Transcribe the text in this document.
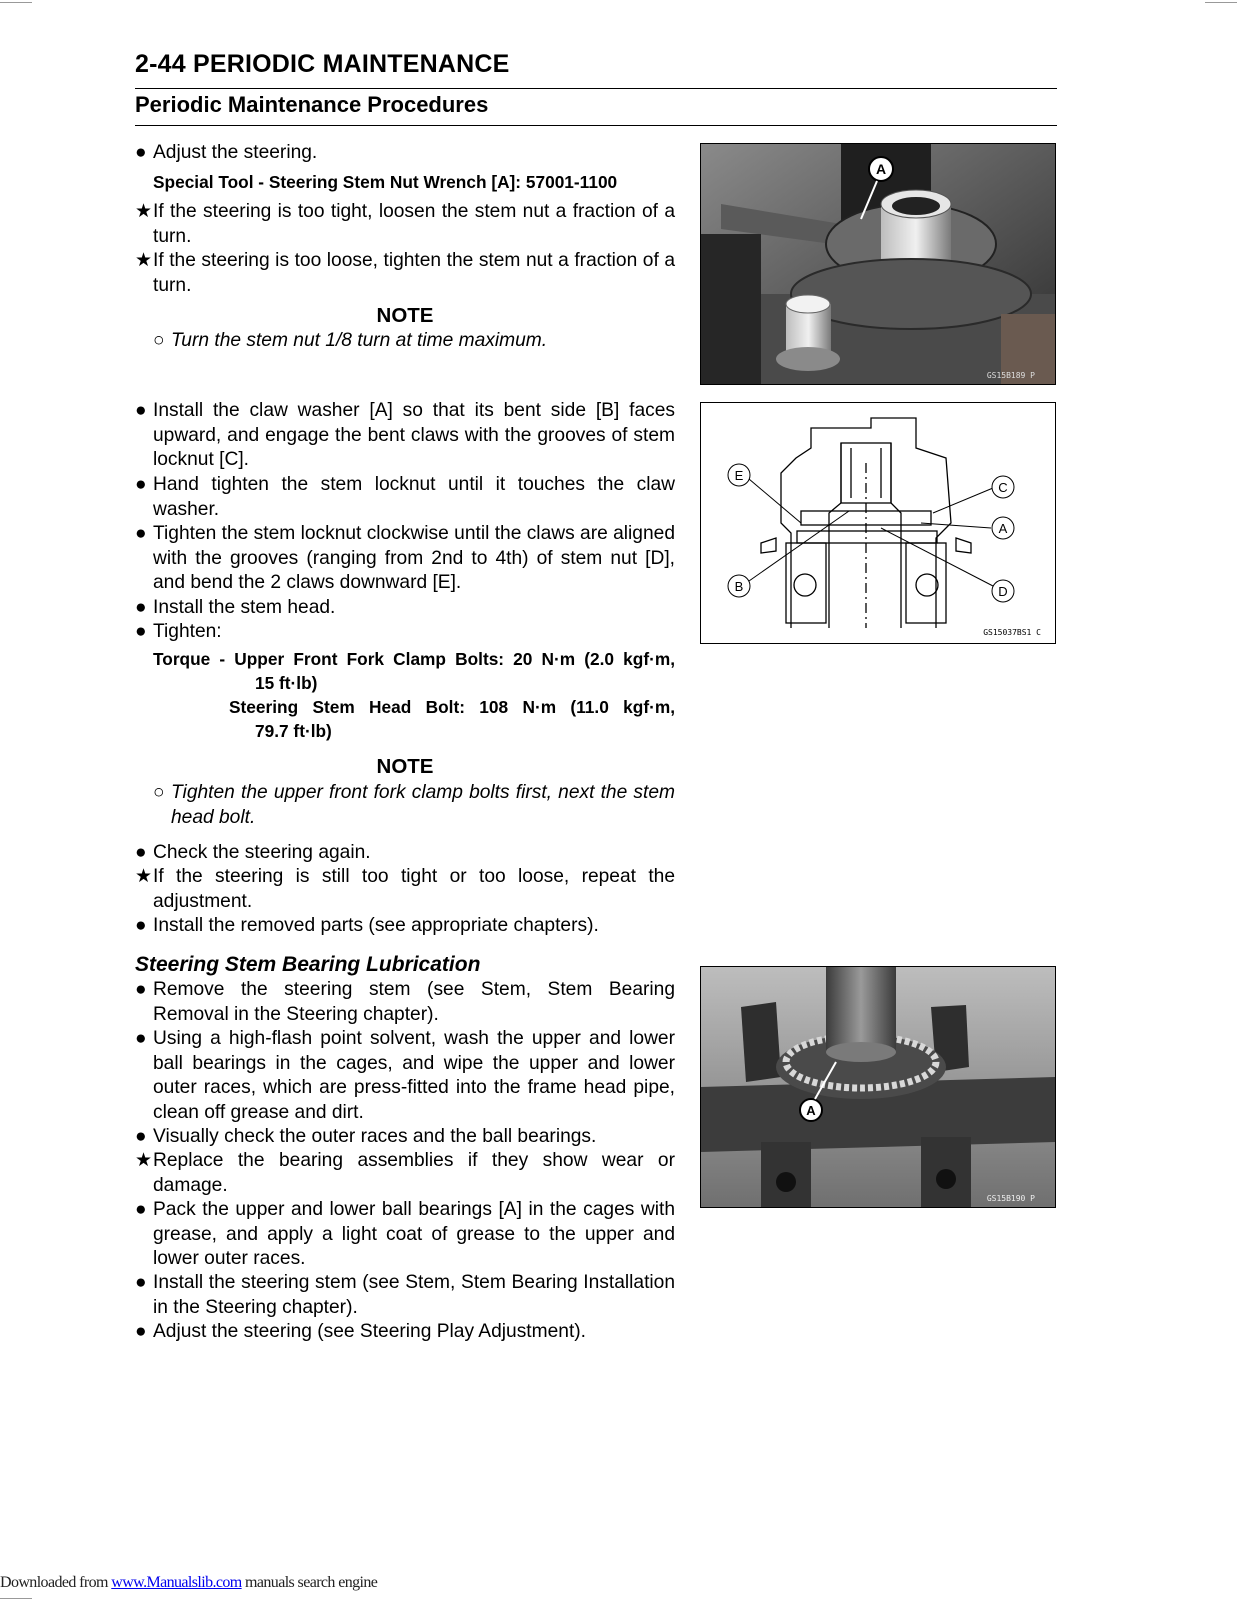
2-44 PERIODIC MAINTENANCE
Periodic Maintenance Procedures
● Adjust the steering.
Special Tool - Steering Stem Nut Wrench [A]: 57001-1100
★ If the steering is too tight, loosen the stem nut a fraction of a turn.
★ If the steering is too loose, tighten the stem nut a fraction of a turn.
NOTE
○ Turn the stem nut 1/8 turn at time maximum.
● Install the claw washer [A] so that its bent side [B] faces upward, and engage the bent claws with the grooves of stem locknut [C].
● Hand tighten the stem locknut until it touches the claw washer.
● Tighten the stem locknut clockwise until the claws are aligned with the grooves (ranging from 2nd to 4th) of stem nut [D], and bend the 2 claws downward [E].
● Install the stem head.
● Tighten:
Torque - Upper Front Fork Clamp Bolts: 20 N·m (2.0 kgf·m,
15 ft·lb)
Steering Stem Head Bolt: 108 N·m (11.0 kgf·m,
79.7 ft·lb)
NOTE
○ Tighten the upper front fork clamp bolts first, next the stem head bolt.
● Check the steering again.
★ If the steering is still too tight or too loose, repeat the adjustment.
● Install the removed parts (see appropriate chapters).
Steering Stem Bearing Lubrication
● Remove the steering stem (see Stem, Stem Bearing Removal in the Steering chapter).
● Using a high-flash point solvent, wash the upper and lower ball bearings in the cages, and wipe the upper and lower outer races, which are press-fitted into the frame head pipe, clean off grease and dirt.
● Visually check the outer races and the ball bearings.
★ Replace the bearing assemblies if they show wear or damage.
● Pack the upper and lower ball bearings [A] in the cages with grease, and apply a light coat of grease to the upper and lower outer races.
● Install the steering stem (see Stem, Stem Bearing Installation in the Steering chapter).
● Adjust the steering (see Steering Play Adjustment).
A
GS15B189 P
A
B
C
D
E
GS15037BS1 C
A
GS15B190 P
Downloaded from www.Manualslib.com manuals search engine
